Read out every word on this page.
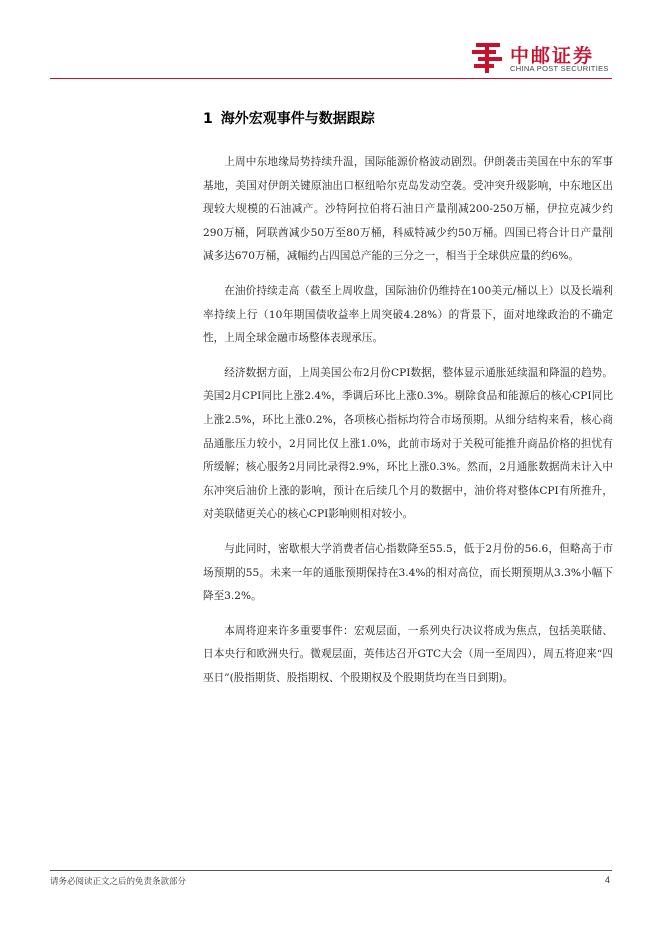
中邮证券
CHINA POST SECURITIES
1 海外宏观事件与数据跟踪

上周中东地缘局势持续升温，国际能源价格波动剧烈。伊朗袭击美国在中东的军事基地，美国对伊朗关键原油出口枢纽哈尔克岛发动空袭。受冲突升级影响，中东地区出现较大规模的石油减产。沙特阿拉伯将石油日产量削减200-250万桶，伊拉克减少约290万桶，阿联酋减少50万至80万桶，科威特减少约50万桶。四国已将合计日产量削减多达670万桶，减幅约占四国总产能的三分之一，相当于全球供应量的约6%。

在油价持续走高（截至上周收盘，国际油价仍维持在100美元/桶以上）以及长端利率持续上行（10年期国债收益率上周突破4.28%）的背景下，面对地缘政治的不确定性，上周全球金融市场整体表现承压。

经济数据方面，上周美国公布2月份CPI数据，整体显示通胀延续温和降温的趋势。美国2月CPI同比上涨2.4%，季调后环比上涨0.3%。剔除食品和能源后的核心CPI同比上涨2.5%，环比上涨0.2%，各项核心指标均符合市场预期。从细分结构来看，核心商品通胀压力较小，2月同比仅上涨1.0%，此前市场对于关税可能推升商品价格的担忧有所缓解；核心服务2月同比录得2.9%，环比上涨0.3%。然而，2月通胀数据尚未计入中东冲突后油价上涨的影响，预计在后续几个月的数据中，油价将对整体CPI有所推升，对美联储更关心的核心CPI影响则相对较小。

与此同时，密歇根大学消费者信心指数降至55.5，低于2月份的56.6，但略高于市场预期的55。未来一年的通胀预期保持在3.4%的相对高位，而长期预期从3.3%小幅下降至3.2%。

本周将迎来许多重要事件：宏观层面，一系列央行决议将成为焦点，包括美联储、日本央行和欧洲央行。微观层面，英伟达召开GTC大会（周一至周四），周五将迎来“四巫日”(股指期货、股指期权、个股期权及个股期货均在当日到期)。

请务必阅读正文之后的免责条款部分	4
